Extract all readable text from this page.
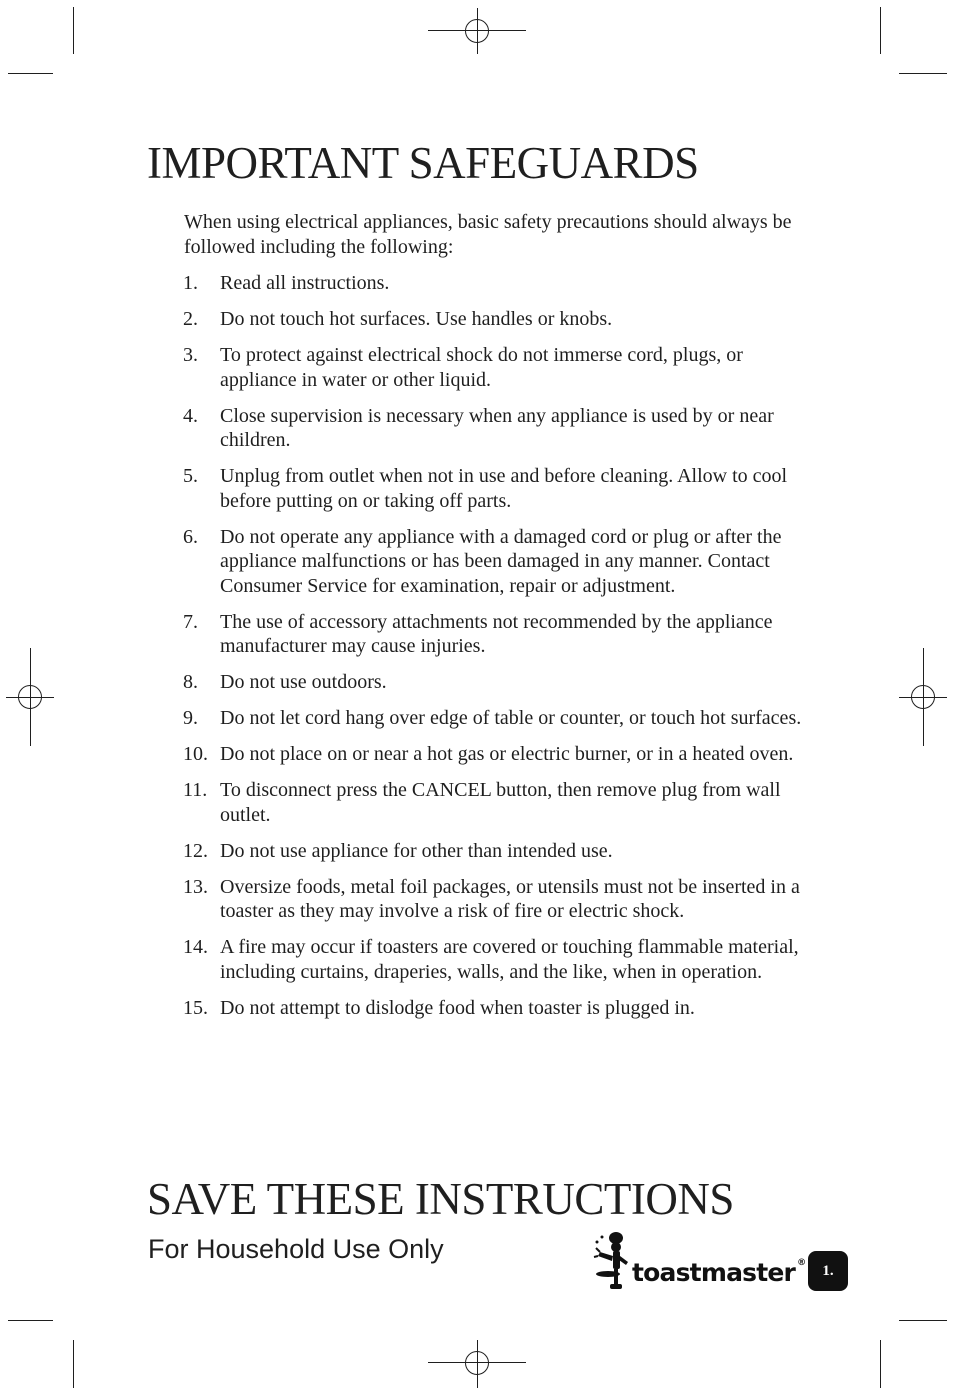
IMPORTANT SAFEGUARDS

When using electrical appliances, basic safety precautions should always be followed including the following:

1.	Read all instructions.
2.	Do not touch hot surfaces. Use handles or knobs.
3.	To protect against electrical shock do not immerse cord, plugs, or appliance in water or other liquid.
4.	Close supervision is necessary when any appliance is used by or near children.
5.	Unplug from outlet when not in use and before cleaning. Allow to cool before putting on or taking off parts.
6.	Do not operate any appliance with a damaged cord or plug or after the appliance malfunctions or has been damaged in any manner. Contact Consumer Service for examination, repair or adjustment.
7.	The use of accessory attachments not recommended by the appliance manufacturer may cause injuries.
8.	Do not use outdoors.
9.	Do not let cord hang over edge of table or counter, or touch hot surfaces.
10. Do not place on or near a hot gas or electric burner, or in a heated oven.
11. To disconnect press the CANCEL button, then remove plug from wall outlet.
12. Do not use appliance for other than intended use.
13. Oversize foods, metal foil packages, or utensils must not be inserted in a toaster as they may involve a risk of fire or electric shock.
14. A fire may occur if toasters are covered or touching flammable material, including curtains, draperies, walls, and the like, when in operation.
15. Do not attempt to dislodge food when toaster is plugged in.
SAVE THESE INSTRUCTIONS
For Household Use Only
toastmaster ®	1.
